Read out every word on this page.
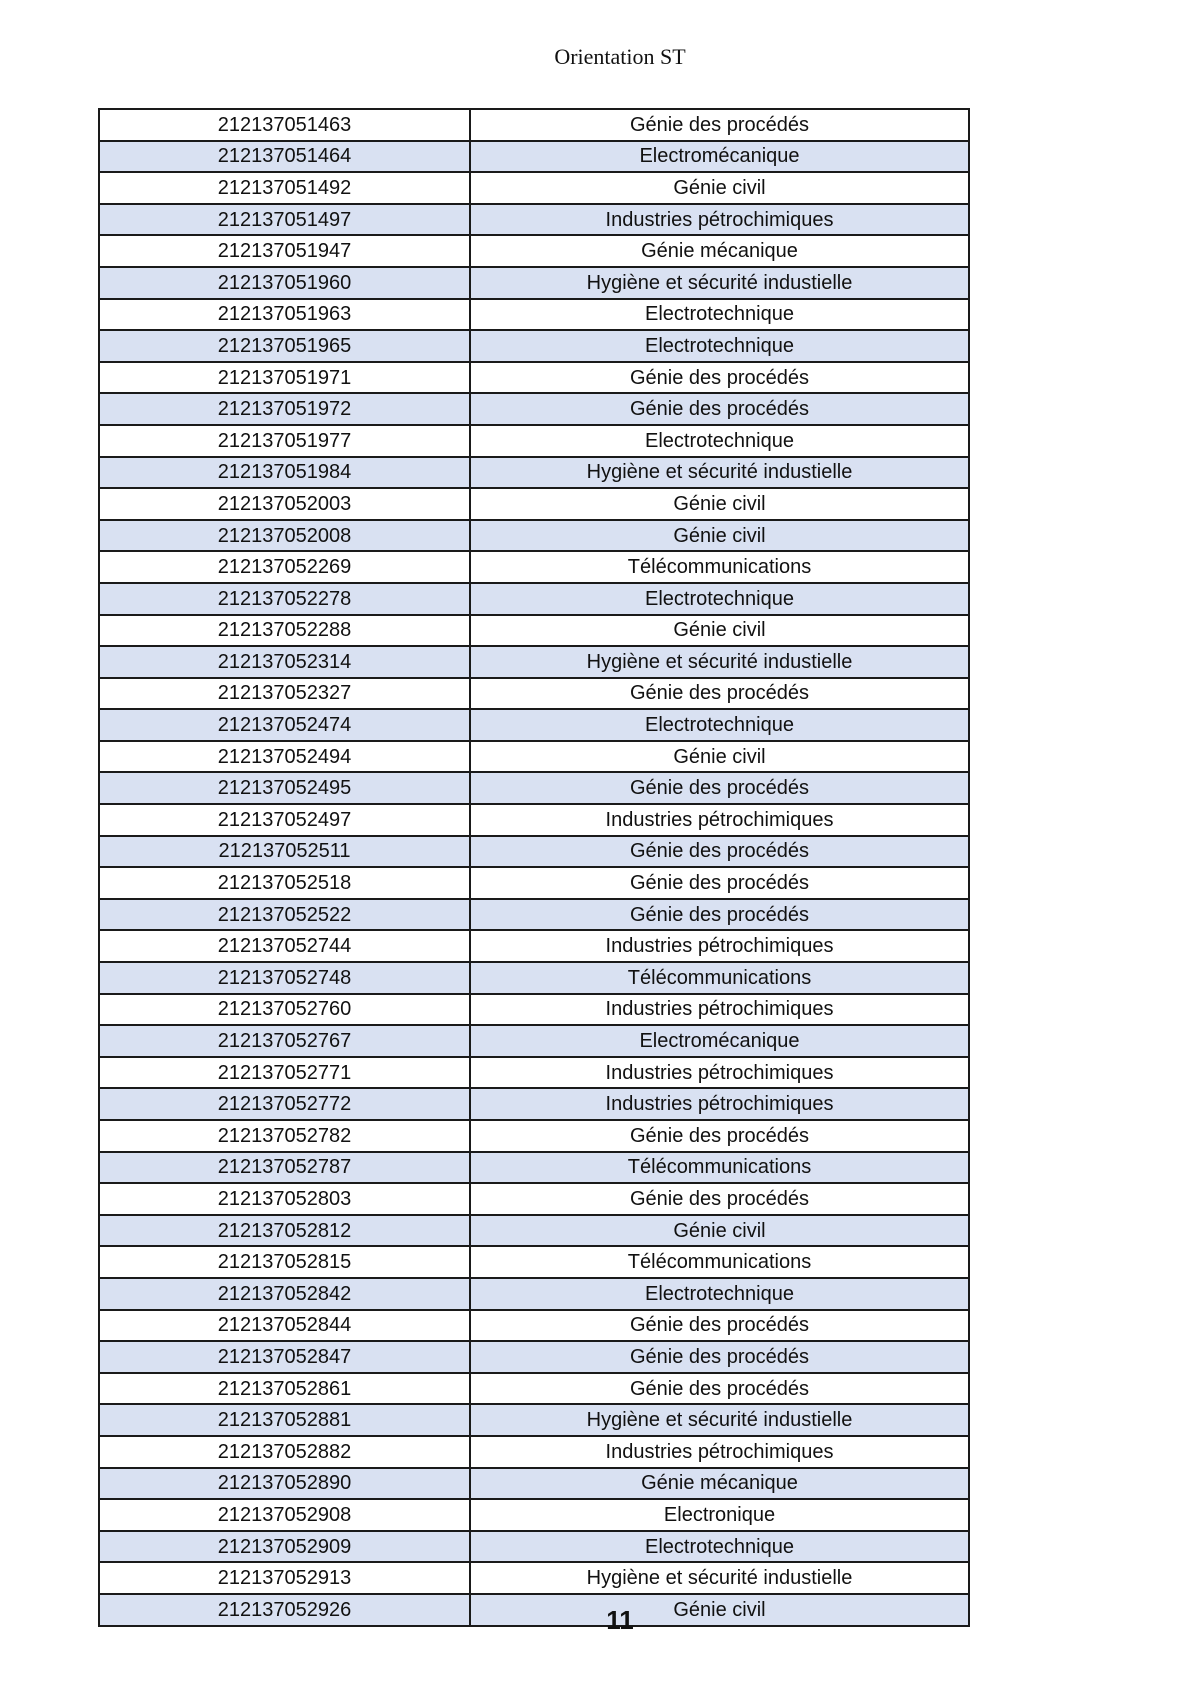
Orientation ST
212137051463	Génie des procédés
212137051464	Electromécanique
212137051492	Génie civil
212137051497	Industries pétrochimiques
212137051947	Génie mécanique
212137051960	Hygiène et sécurité industielle
212137051963	Electrotechnique
212137051965	Electrotechnique
212137051971	Génie des procédés
212137051972	Génie des procédés
212137051977	Electrotechnique
212137051984	Hygiène et sécurité industielle
212137052003	Génie civil
212137052008	Génie civil
212137052269	Télécommunications
212137052278	Electrotechnique
212137052288	Génie civil
212137052314	Hygiène et sécurité industielle
212137052327	Génie des procédés
212137052474	Electrotechnique
212137052494	Génie civil
212137052495	Génie des procédés
212137052497	Industries pétrochimiques
212137052511	Génie des procédés
212137052518	Génie des procédés
212137052522	Génie des procédés
212137052744	Industries pétrochimiques
212137052748	Télécommunications
212137052760	Industries pétrochimiques
212137052767	Electromécanique
212137052771	Industries pétrochimiques
212137052772	Industries pétrochimiques
212137052782	Génie des procédés
212137052787	Télécommunications
212137052803	Génie des procédés
212137052812	Génie civil
212137052815	Télécommunications
212137052842	Electrotechnique
212137052844	Génie des procédés
212137052847	Génie des procédés
212137052861	Génie des procédés
212137052881	Hygiène et sécurité industielle
212137052882	Industries pétrochimiques
212137052890	Génie mécanique
212137052908	Electronique
212137052909	Electrotechnique
212137052913	Hygiène et sécurité industielle
212137052926	Génie civil
11
